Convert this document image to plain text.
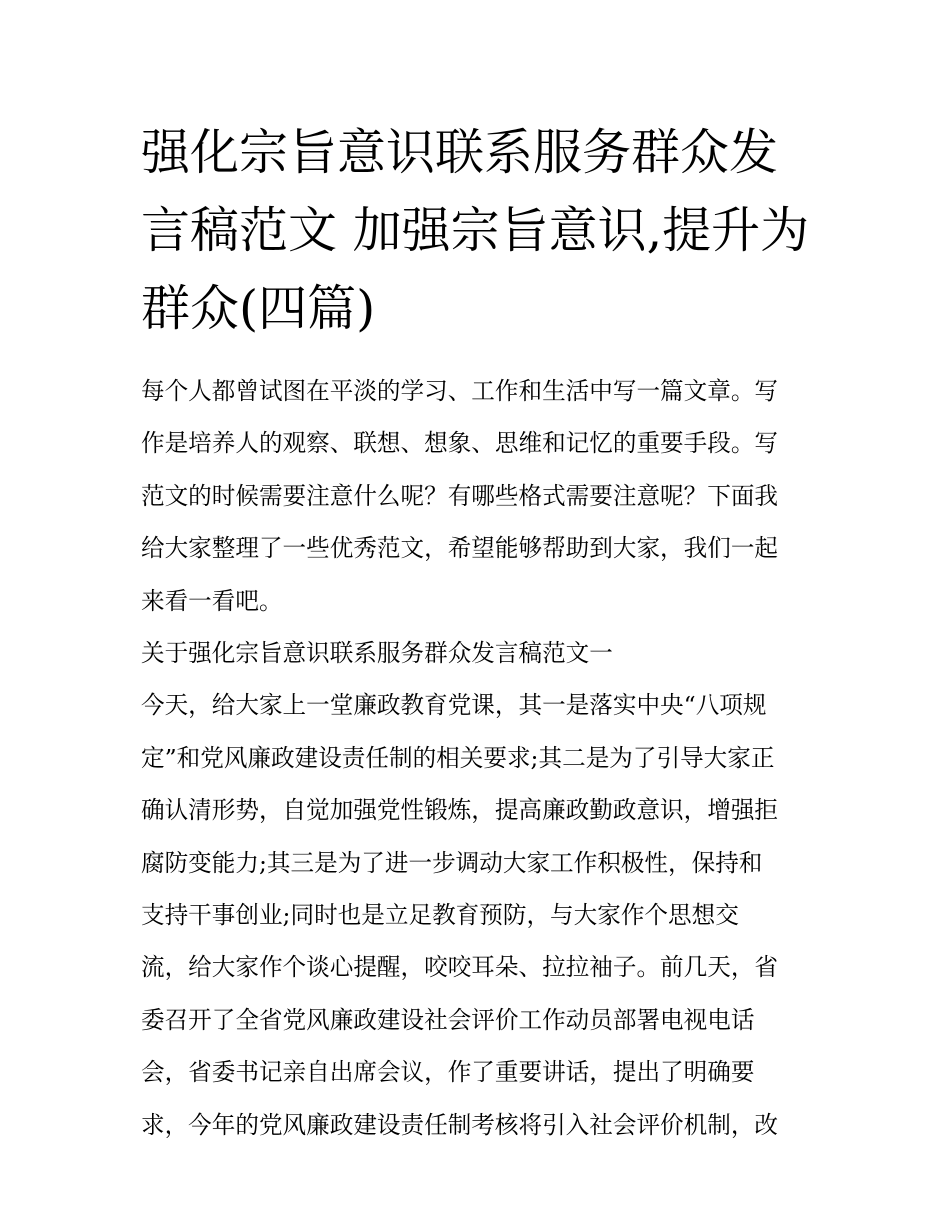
强化宗旨意识联系服务群众发
言稿范文 加强宗旨意识,提升为
群众(四篇)

每个人都曾试图在平淡的学习、工作和生活中写一篇文章。写
作是培养人的观察、联想、想象、思维和记忆的重要手段。写
范文的时候需要注意什么呢？有哪些格式需要注意呢？下面我
给大家整理了一些优秀范文，希望能够帮助到大家，我们一起
来看一看吧。

关于强化宗旨意识联系服务群众发言稿范文一

今天，给大家上一堂廉政教育党课，其一是落实中央“八项规
定”和党风廉政建设责任制的相关要求;其二是为了引导大家正
确认清形势，自觉加强党性锻炼，提高廉政勤政意识，增强拒
腐防变能力;其三是为了进一步调动大家工作积极性，保持和
支持干事创业;同时也是立足教育预防，与大家作个思想交
流，给大家作个谈心提醒，咬咬耳朵、拉拉袖子。前几天，省
委召开了全省党风廉政建设社会评价工作动员部署电视电话
会，省委书记亲自出席会议，作了重要讲话，提出了明确要
求，今年的党风廉政建设责任制考核将引入社会评价机制，改
